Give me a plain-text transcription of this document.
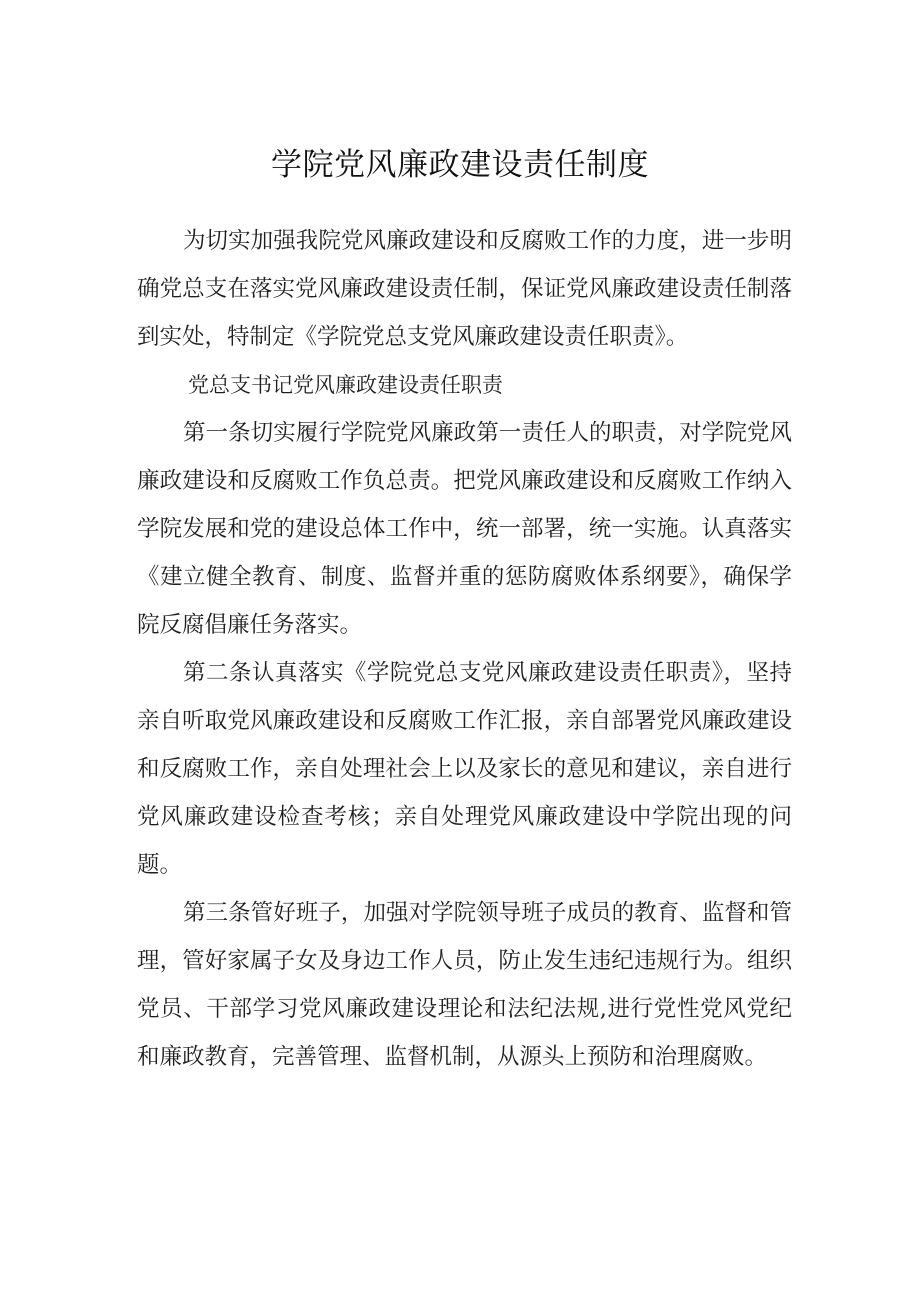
学院党风廉政建设责任制度

为切实加强我院党风廉政建设和反腐败工作的力度，进一步明确党总支在落实党风廉政建设责任制，保证党风廉政建设责任制落到实处，特制定《学院党总支党风廉政建设责任职责》。

党总支书记党风廉政建设责任职责

第一条切实履行学院党风廉政第一责任人的职责，对学院党风廉政建设和反腐败工作负总责。把党风廉政建设和反腐败工作纳入学院发展和党的建设总体工作中，统一部署，统一实施。认真落实《建立健全教育、制度、监督并重的惩防腐败体系纲要》，确保学院反腐倡廉任务落实。

第二条认真落实《学院党总支党风廉政建设责任职责》，坚持亲自听取党风廉政建设和反腐败工作汇报，亲自部署党风廉政建设和反腐败工作，亲自处理社会上以及家长的意见和建议，亲自进行党风廉政建设检查考核；亲自处理党风廉政建设中学院出现的问题。

第三条管好班子，加强对学院领导班子成员的教育、监督和管理，管好家属子女及身边工作人员，防止发生违纪违规行为。组织党员、干部学习党风廉政建设理论和法纪法规,进行党性党风党纪和廉政教育，完善管理、监督机制，从源头上预防和治理腐败。
